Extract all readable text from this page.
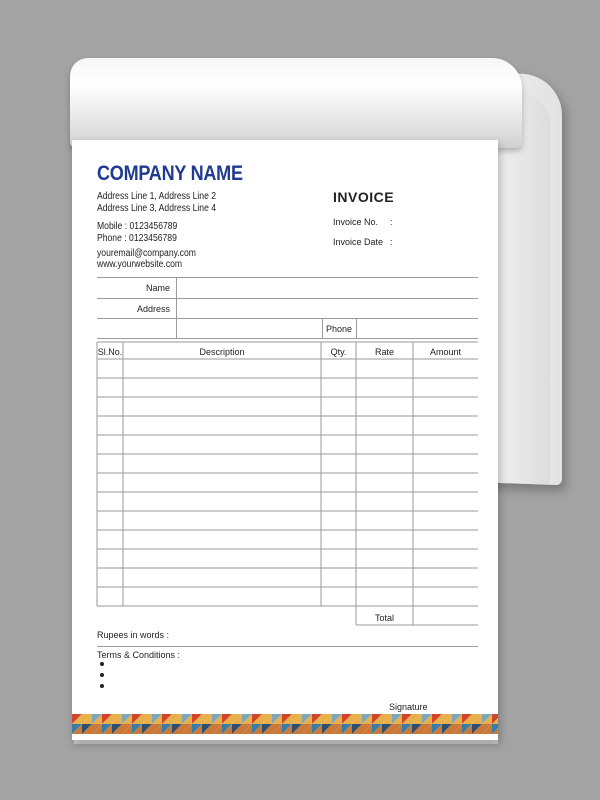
COMPANY NAME
Address Line 1, Address Line 2
Address Line 3, Address Line 4
Mobile : 0123456789
Phone : 0123456789
youremail@company.com
www.yourwebsite.com
INVOICE
Invoice No. :
Invoice Date :
Name
Address
Phone
Sl.No.	Description	Qty.	Rate	Amount
Total
Rupees in words :
Terms & Conditions :
Signature
